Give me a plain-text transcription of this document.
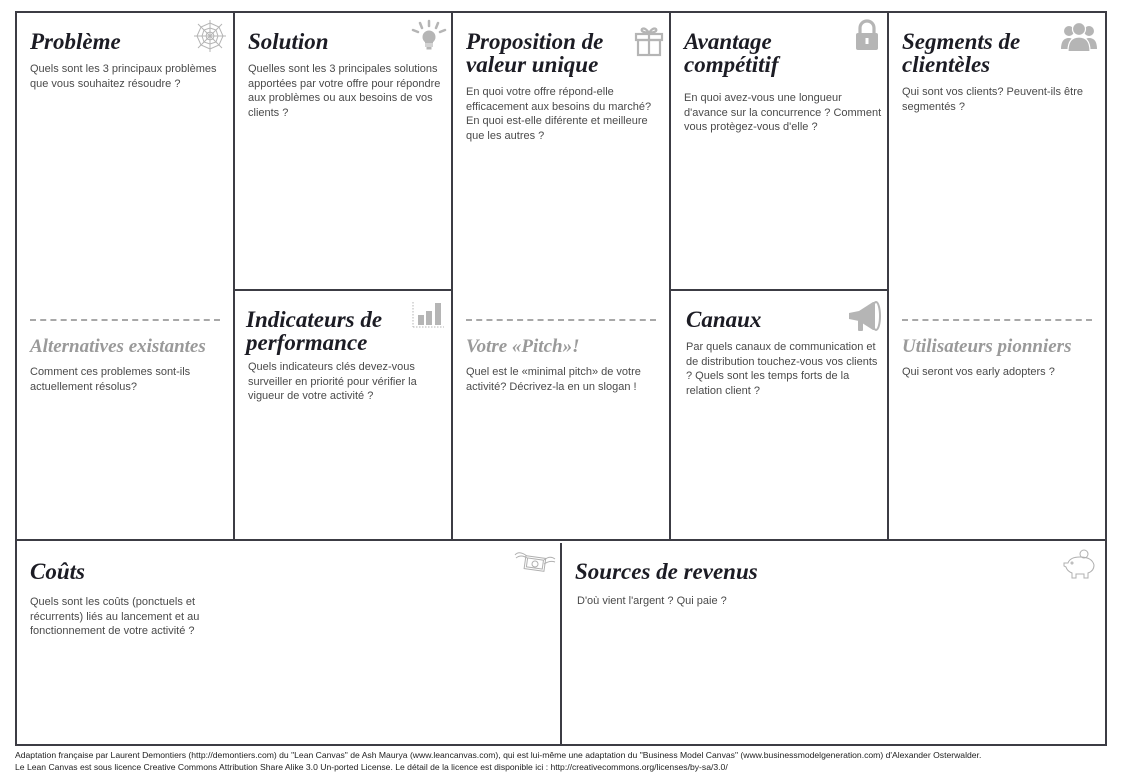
Problème
Quels sont les 3 principaux problèmes que vous souhaitez résoudre ?
Alternatives existantes
Comment ces problemes sont-ils actuellement résolus?
Solution
Quelles sont les 3 principales solutions apportées par votre offre pour répondre aux problèmes ou aux besoins de vos clients ?
Indicateurs de performance
Quels indicateurs clés devez-vous surveiller en priorité pour vérifier la vigueur de votre activité ?
Proposition de valeur unique
En quoi votre offre répond-elle efficacement aux besoins du marché? En quoi est-elle diférente et meilleure que les autres ?
Votre «Pitch»!
Quel est le «minimal pitch» de votre activité? Décrivez-la en un slogan !
Avantage compétitif
En quoi avez-vous une longueur d'avance sur la concurrence ? Comment vous protègez-vous d'elle ?
Canaux
Par quels canaux de communication et de distribution touchez-vous vos clients ? Quels sont les temps forts de la relation client ?
Segments de clientèles
Qui sont vos clients? Peuvent-ils être segmentés ?
Utilisateurs pionniers
Qui seront vos early adopters ?
Coûts
Quels sont les coûts (ponctuels et récurrents) liés au lancement et au fonctionnement de votre activité ?
Sources de revenus
D'où vient l'argent ? Qui paie ?
Adaptation française par Laurent Demontiers (http://demontiers.com) du "Lean Canvas" de Ash Maurya (www.leancanvas.com), qui est lui-même une adaptation du "Business Model Canvas" (www.businessmodelgeneration.com) d'Alexander Osterwalder.
Le Lean Canvas est sous licence Creative Commons Attribution Share Alike 3.0 Un-ported License. Le détail de la licence est disponible ici : http://creativecommons.org/licenses/by-sa/3.0/
